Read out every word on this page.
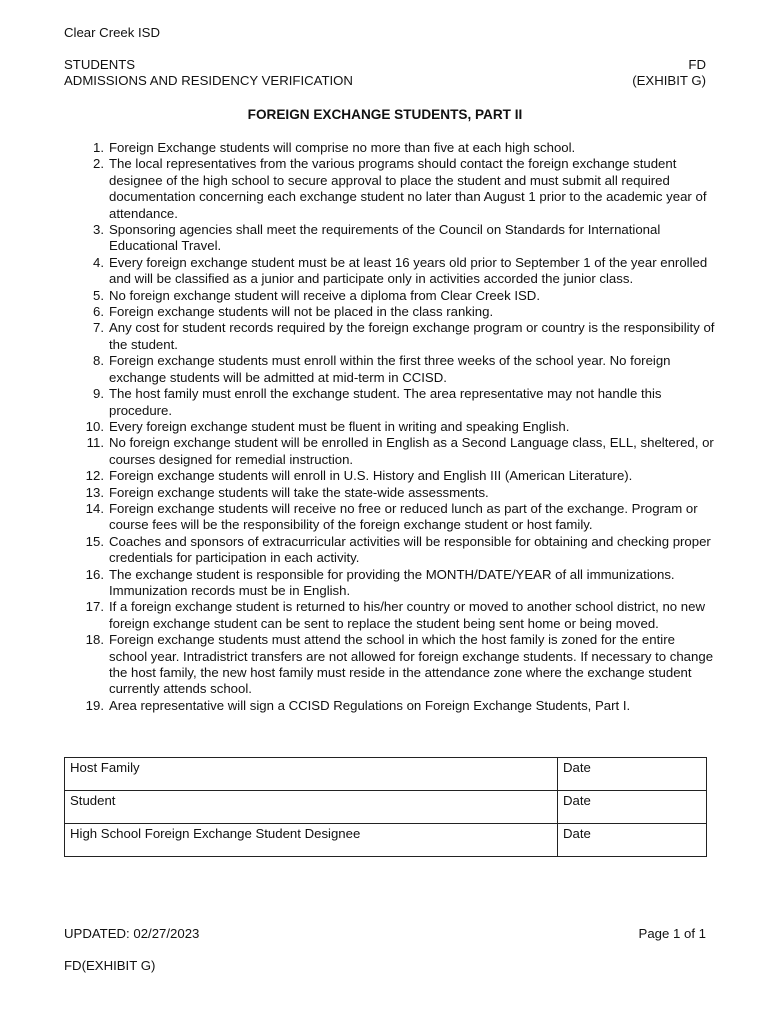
Clear Creek ISD
STUDENTS
ADMISSIONS AND RESIDENCY VERIFICATION
FD
(EXHIBIT G)
FOREIGN EXCHANGE STUDENTS, PART II
1. Foreign Exchange students will comprise no more than five at each high school.
2. The local representatives from the various programs should contact the foreign exchange student designee of the high school to secure approval to place the student and must submit all required documentation concerning each exchange student no later than August 1 prior to the academic year of attendance.
3. Sponsoring agencies shall meet the requirements of the Council on Standards for International Educational Travel.
4. Every foreign exchange student must be at least 16 years old prior to September 1 of the year enrolled and will be classified as a junior and participate only in activities accorded the junior class.
5. No foreign exchange student will receive a diploma from Clear Creek ISD.
6. Foreign exchange students will not be placed in the class ranking.
7. Any cost for student records required by the foreign exchange program or country is the responsibility of the student.
8. Foreign exchange students must enroll within the first three weeks of the school year. No foreign exchange students will be admitted at mid-term in CCISD.
9. The host family must enroll the exchange student. The area representative may not handle this procedure.
10. Every foreign exchange student must be fluent in writing and speaking English.
11. No foreign exchange student will be enrolled in English as a Second Language class, ELL, sheltered, or courses designed for remedial instruction.
12. Foreign exchange students will enroll in U.S. History and English III (American Literature).
13. Foreign exchange students will take the state-wide assessments.
14. Foreign exchange students will receive no free or reduced lunch as part of the exchange. Program or course fees will be the responsibility of the foreign exchange student or host family.
15. Coaches and sponsors of extracurricular activities will be responsible for obtaining and checking proper credentials for participation in each activity.
16. The exchange student is responsible for providing the MONTH/DATE/YEAR of all immunizations. Immunization records must be in English.
17. If a foreign exchange student is returned to his/her country or moved to another school district, no new foreign exchange student can be sent to replace the student being sent home or being moved.
18. Foreign exchange students must attend the school in which the host family is zoned for the entire school year. Intradistrict transfers are not allowed for foreign exchange students. If necessary to change the host family, the new host family must reside in the attendance zone where the exchange student currently attends school.
19. Area representative will sign a CCISD Regulations on Foreign Exchange Students, Part I.
Host Family	Date
Student	Date
High School Foreign Exchange Student Designee	Date
UPDATED: 02/27/2023	Page 1 of 1
FD(EXHIBIT G)
